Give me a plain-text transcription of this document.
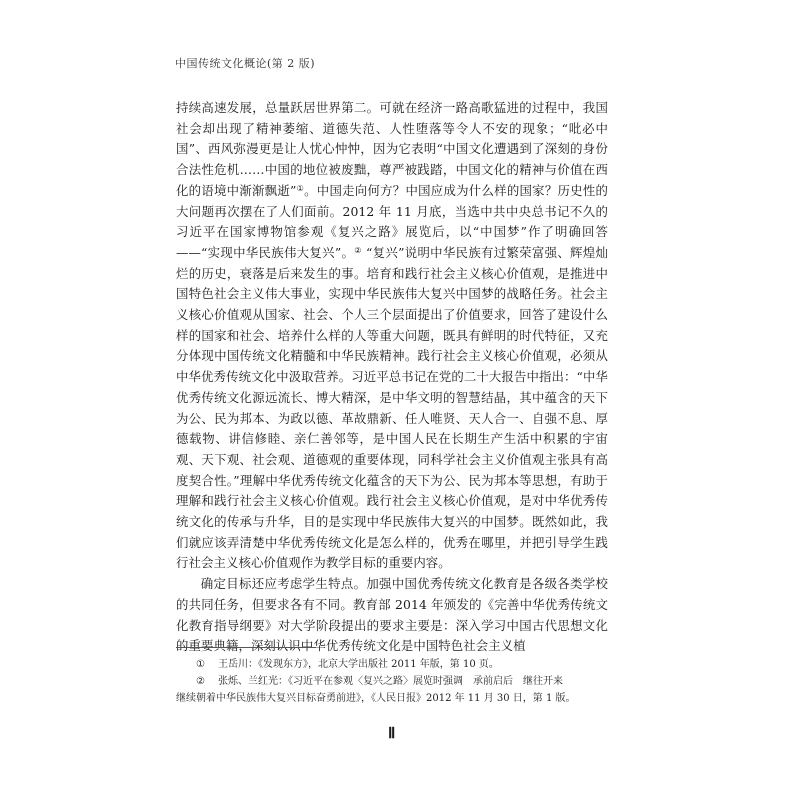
中国传统文化概论(第 2 版)

持续高速发展，总量跃居世界第二。可就在经济一路高歌猛进的过程中，我国社会却出现了精神萎缩、道德失范、人性堕落等令人不安的现象；“吡必中国”、西风弥漫更是让人忧心忡忡，因为它表明“中国文化遭遇到了深刻的身份合法性危机……中国的地位被废黜，尊严被践踏，中国文化的精神与价值在西化的语境中渐渐飘逝”①。中国走向何方？中国应成为什么样的国家？历史性的大问题再次摆在了人们面前。2012 年 11 月底，当选中共中央总书记不久的习近平在国家博物馆参观《复兴之路》展览后，以“中国梦”作了明确回答——“实现中华民族伟大复兴”。② “复兴”说明中华民族有过繁荣富强、辉煌灿烂的历史，衰落是后来发生的事。培育和践行社会主义核心价值观，是推进中国特色社会主义伟大事业，实现中华民族伟大复兴中国梦的战略任务。社会主义核心价值观从国家、社会、个人三个层面提出了价值要求，回答了建设什么样的国家和社会、培养什么样的人等重大问题，既具有鲜明的时代特征，又充分体现中国传统文化精髓和中华民族精神。践行社会主义核心价值观，必须从中华优秀传统文化中汲取营养。习近平总书记在党的二十大报告中指出：“中华优秀传统文化源远流长、博大精深，是中华文明的智慧结晶，其中蕴含的天下为公、民为邦本、为政以德、革故鼎新、任人唯贤、天人合一、自强不息、厚德载物、讲信修睦、亲仁善邻等，是中国人民在长期生产生活中积累的宇宙观、天下观、社会观、道德观的重要体现，同科学社会主义价值观主张具有高度契合性。”理解中华优秀传统文化蕴含的天下为公、民为邦本等思想，有助于理解和践行社会主义核心价值观。践行社会主义核心价值观，是对中华优秀传统文化的传承与升华，目的是实现中华民族伟大复兴的中国梦。既然如此，我们就应该弄清楚中华优秀传统文化是怎么样的，优秀在哪里，并把引导学生践行社会主义核心价值观作为教学目标的重要内容。

确定目标还应考虑学生特点。加强中国优秀传统文化教育是各级各类学校的共同任务，但要求各有不同。教育部 2014 年颁发的《完善中华优秀传统文化教育指导纲要》对大学阶段提出的要求主要是：深入学习中国古代思想文化的重要典籍，深刻认识中华优秀传统文化是中国特色社会主义植

①	王岳川：《发现东方》，北京大学出版社 2011 年版，第 10 页。
②	张烁、兰红光：《习近平在参观〈复兴之路〉展览时强调　承前启后　继往开来

继续朝着中华民族伟大复兴目标奋勇前进》，《人民日报》2012 年 11 月 30 日，第 1 版。

Ⅱ
